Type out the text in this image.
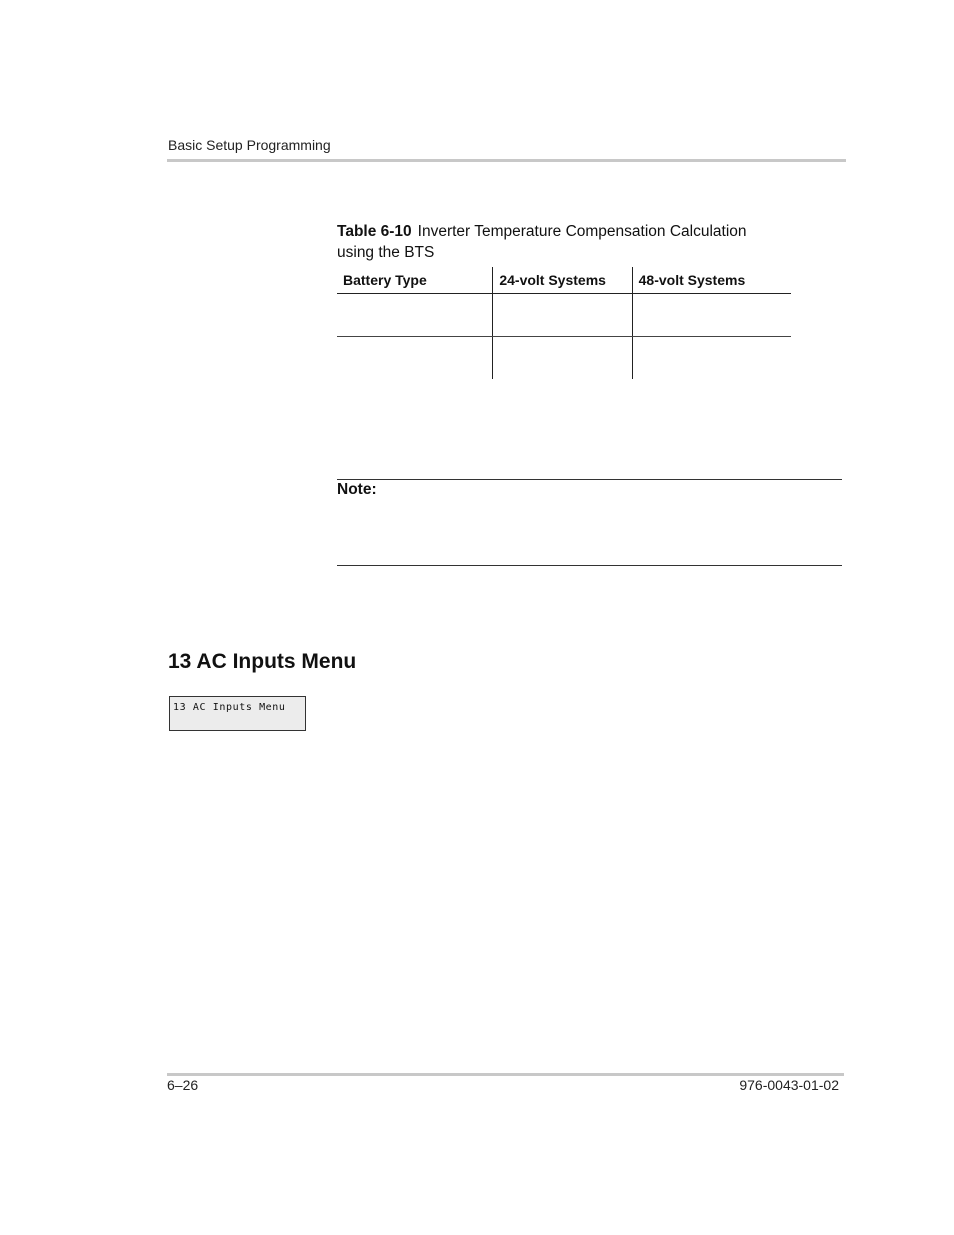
Basic Setup Programming
Table 6-10 Inverter Temperature Compensation Calculation using the BTS
Battery Type	24-volt Systems	48-volt Systems

Note:
13 AC Inputs Menu
13 AC Inputs Menu
6–26	976-0043-01-02
